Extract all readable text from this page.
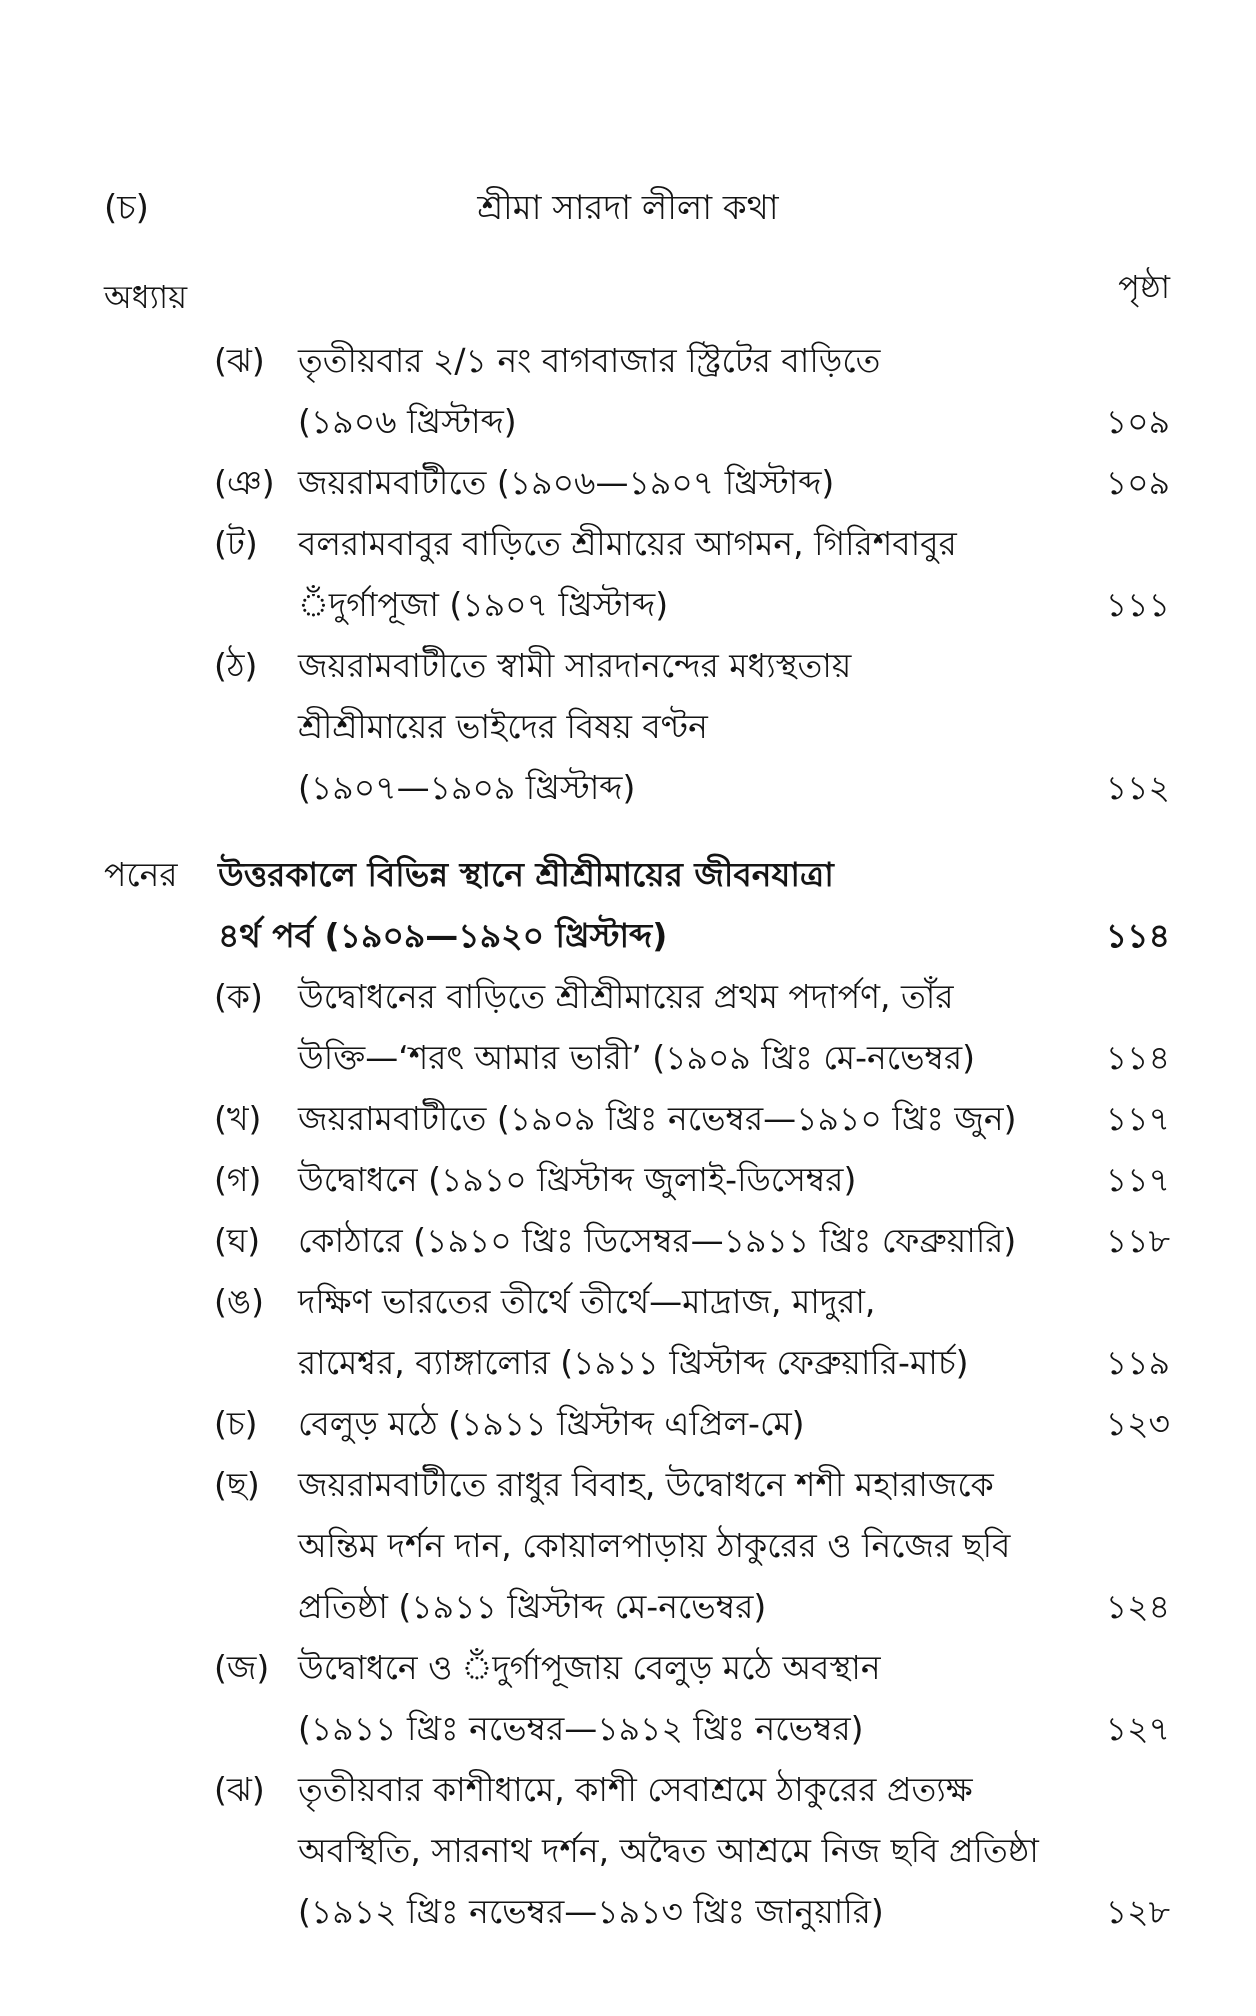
(চ)	শ্রীমা সারদা লীলা কথা
অধ্যায়	পৃষ্ঠা
(ঝ) তৃতীয়বার ২/১ নং বাগবাজার স্ট্রিটের বাড়িতে
(১৯০৬ খ্রিস্টাব্দ)	১০৯
(ঞ) জয়রামবাটীতে (১৯০৬—১৯০৭ খ্রিস্টাব্দ)	১০৯
(ট) বলরামবাবুর বাড়িতে শ্রীমায়ের আগমন, গিরিশবাবুর
ঁদুর্গাপূজা (১৯০৭ খ্রিস্টাব্দ)	১১১
(ঠ) জয়রামবাটীতে স্বামী সারদানন্দের মধ্যস্থতায়
শ্রীশ্রীমায়ের ভাইদের বিষয় বণ্টন
(১৯০৭—১৯০৯ খ্রিস্টাব্দ)	১১২
পনের উত্তরকালে বিভিন্ন স্থানে শ্রীশ্রীমায়ের জীবনযাত্রা
৪র্থ পর্ব (১৯০৯—১৯২০ খ্রিস্টাব্দ)	১১৪
(ক) উদ্বোধনের বাড়িতে শ্রীশ্রীমায়ের প্রথম পদার্পণ, তাঁর
উক্তি—‘শরৎ আমার ভারী’ (১৯০৯ খ্রিঃ মে-নভেম্বর)	১১৪
(খ) জয়রামবাটীতে (১৯০৯ খ্রিঃ নভেম্বর—১৯১০ খ্রিঃ জুন)	১১৭
(গ) উদ্বোধনে (১৯১০ খ্রিস্টাব্দ জুলাই-ডিসেম্বর)	১১৭
(ঘ) কোঠারে (১৯১০ খ্রিঃ ডিসেম্বর—১৯১১ খ্রিঃ ফেব্রুয়ারি)	১১৮
(ঙ) দক্ষিণ ভারতের তীর্থে তীর্থে—মাদ্রাজ, মাদুরা,
রামেশ্বর, ব্যাঙ্গালোর (১৯১১ খ্রিস্টাব্দ ফেব্রুয়ারি-মার্চ)	১১৯
(চ) বেলুড় মঠে (১৯১১ খ্রিস্টাব্দ এপ্রিল-মে)	১২৩
(ছ) জয়রামবাটীতে রাধুর বিবাহ, উদ্বোধনে শশী মহারাজকে
অন্তিম দর্শন দান, কোয়ালপাড়ায় ঠাকুরের ও নিজের ছবি
প্রতিষ্ঠা (১৯১১ খ্রিস্টাব্দ মে-নভেম্বর)	১২৪
(জ) উদ্বোধনে ও ঁদুর্গাপূজায় বেলুড় মঠে অবস্থান
(১৯১১ খ্রিঃ নভেম্বর—১৯১২ খ্রিঃ নভেম্বর)	১২৭
(ঝ) তৃতীয়বার কাশীধামে, কাশী সেবাশ্রমে ঠাকুরের প্রত্যক্ষ
অবস্থিতি, সারনাথ দর্শন, অদ্বৈত আশ্রমে নিজ ছবি প্রতিষ্ঠা
(১৯১২ খ্রিঃ নভেম্বর—১৯১৩ খ্রিঃ জানুয়ারি)	১২৮
